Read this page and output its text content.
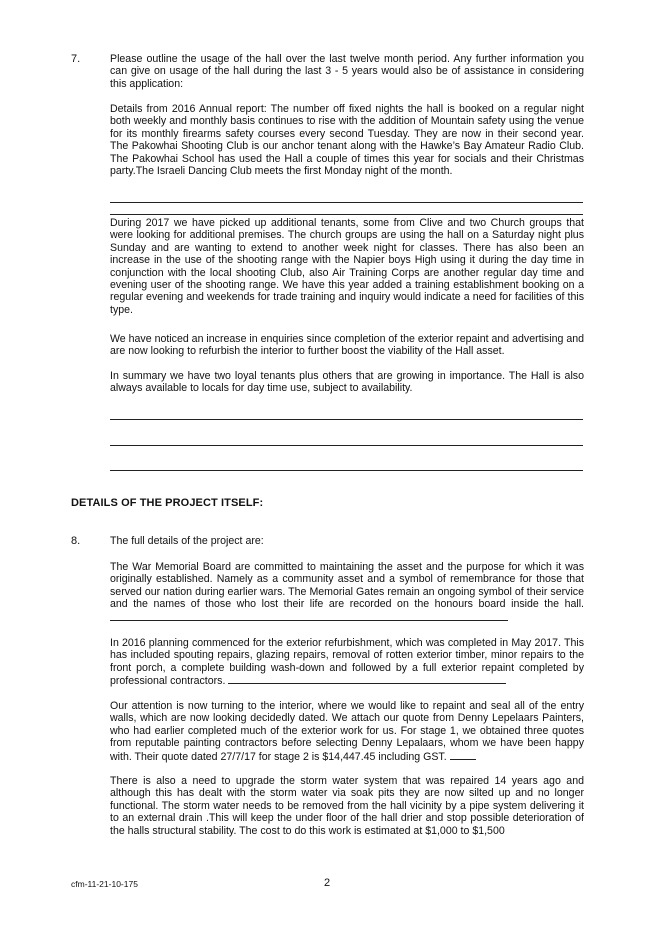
7.	Please outline the usage of the hall over the last twelve month period. Any further information you can give on usage of the hall during the last 3 - 5 years would also be of assistance in considering this application:

Details from 2016 Annual report: The number off fixed nights the hall is booked on a regular night both weekly and monthly basis continues to rise with the addition of Mountain safety using the venue for its monthly firearms safety courses every second Tuesday. They are now in their second year. The Pakowhai Shooting Club is our anchor tenant along with the Hawke’s Bay Amateur Radio Club. The Pakowhai School has used the Hall a couple of times this year for socials and their Christmas party.The Israeli Dancing Club meets the first Monday night of the month.

During 2017 we have picked up additional tenants, some from Clive and two Church groups that were looking for additional premises. The church groups are using the hall on a Saturday night plus Sunday and are wanting to extend to another week night for classes. There has also been an increase in the use of the shooting range with the Napier boys High using it during the day time in conjunction with the local shooting Club, also Air Training Corps are another regular day time and evening user of the shooting range. We have this year added a training establishment booking on a regular evening and weekends for trade training and inquiry would indicate a need for facilities of this type.

We have noticed an increase in enquiries since completion of the exterior repaint and advertising and are now looking to refurbish the interior to further boost the viability of the Hall asset.

In summary we have two loyal tenants plus others that are growing in importance. The Hall is also always available to locals for day time use, subject to availability.

DETAILS OF THE PROJECT ITSELF:
8.	The full details of the project are:

The War Memorial Board are committed to maintaining the asset and the purpose for which it was originally established. Namely as a community asset and a symbol of remembrance for those that served our nation during earlier wars. The Memorial Gates remain an ongoing symbol of their service and the names of those who lost their life are recorded on the honours board inside the hall.

In 2016 planning commenced for the exterior refurbishment, which was completed in May 2017. This has included spouting repairs, glazing repairs, removal of rotten exterior timber, minor repairs to the front porch, a complete building wash-down and followed by a full exterior repaint completed by professional contractors.

Our attention is now turning to the interior, where we would like to repaint and seal all of the entry walls, which are now looking decidedly dated. We attach our quote from Denny Lepelaars Painters, who had earlier completed much of the exterior work for us. For stage 1, we obtained three quotes from reputable painting contractors before selecting Denny Lepalaars, whom we have been happy with. Their quote dated 27/7/17 for stage 2 is $14,447.45 including GST.

There is also a need to upgrade the storm water system that was repaired 14 years ago and although this has dealt with the storm water via soak pits they are now silted up and no longer functional. The storm water needs to be removed from the hall vicinity by a pipe system delivering it to an external drain .This will keep the under floor of the hall drier and stop possible deterioration of the halls structural stability. The cost to do this work is estimated at $1,000 to $1,500

cfm-11-21-10-175	2
